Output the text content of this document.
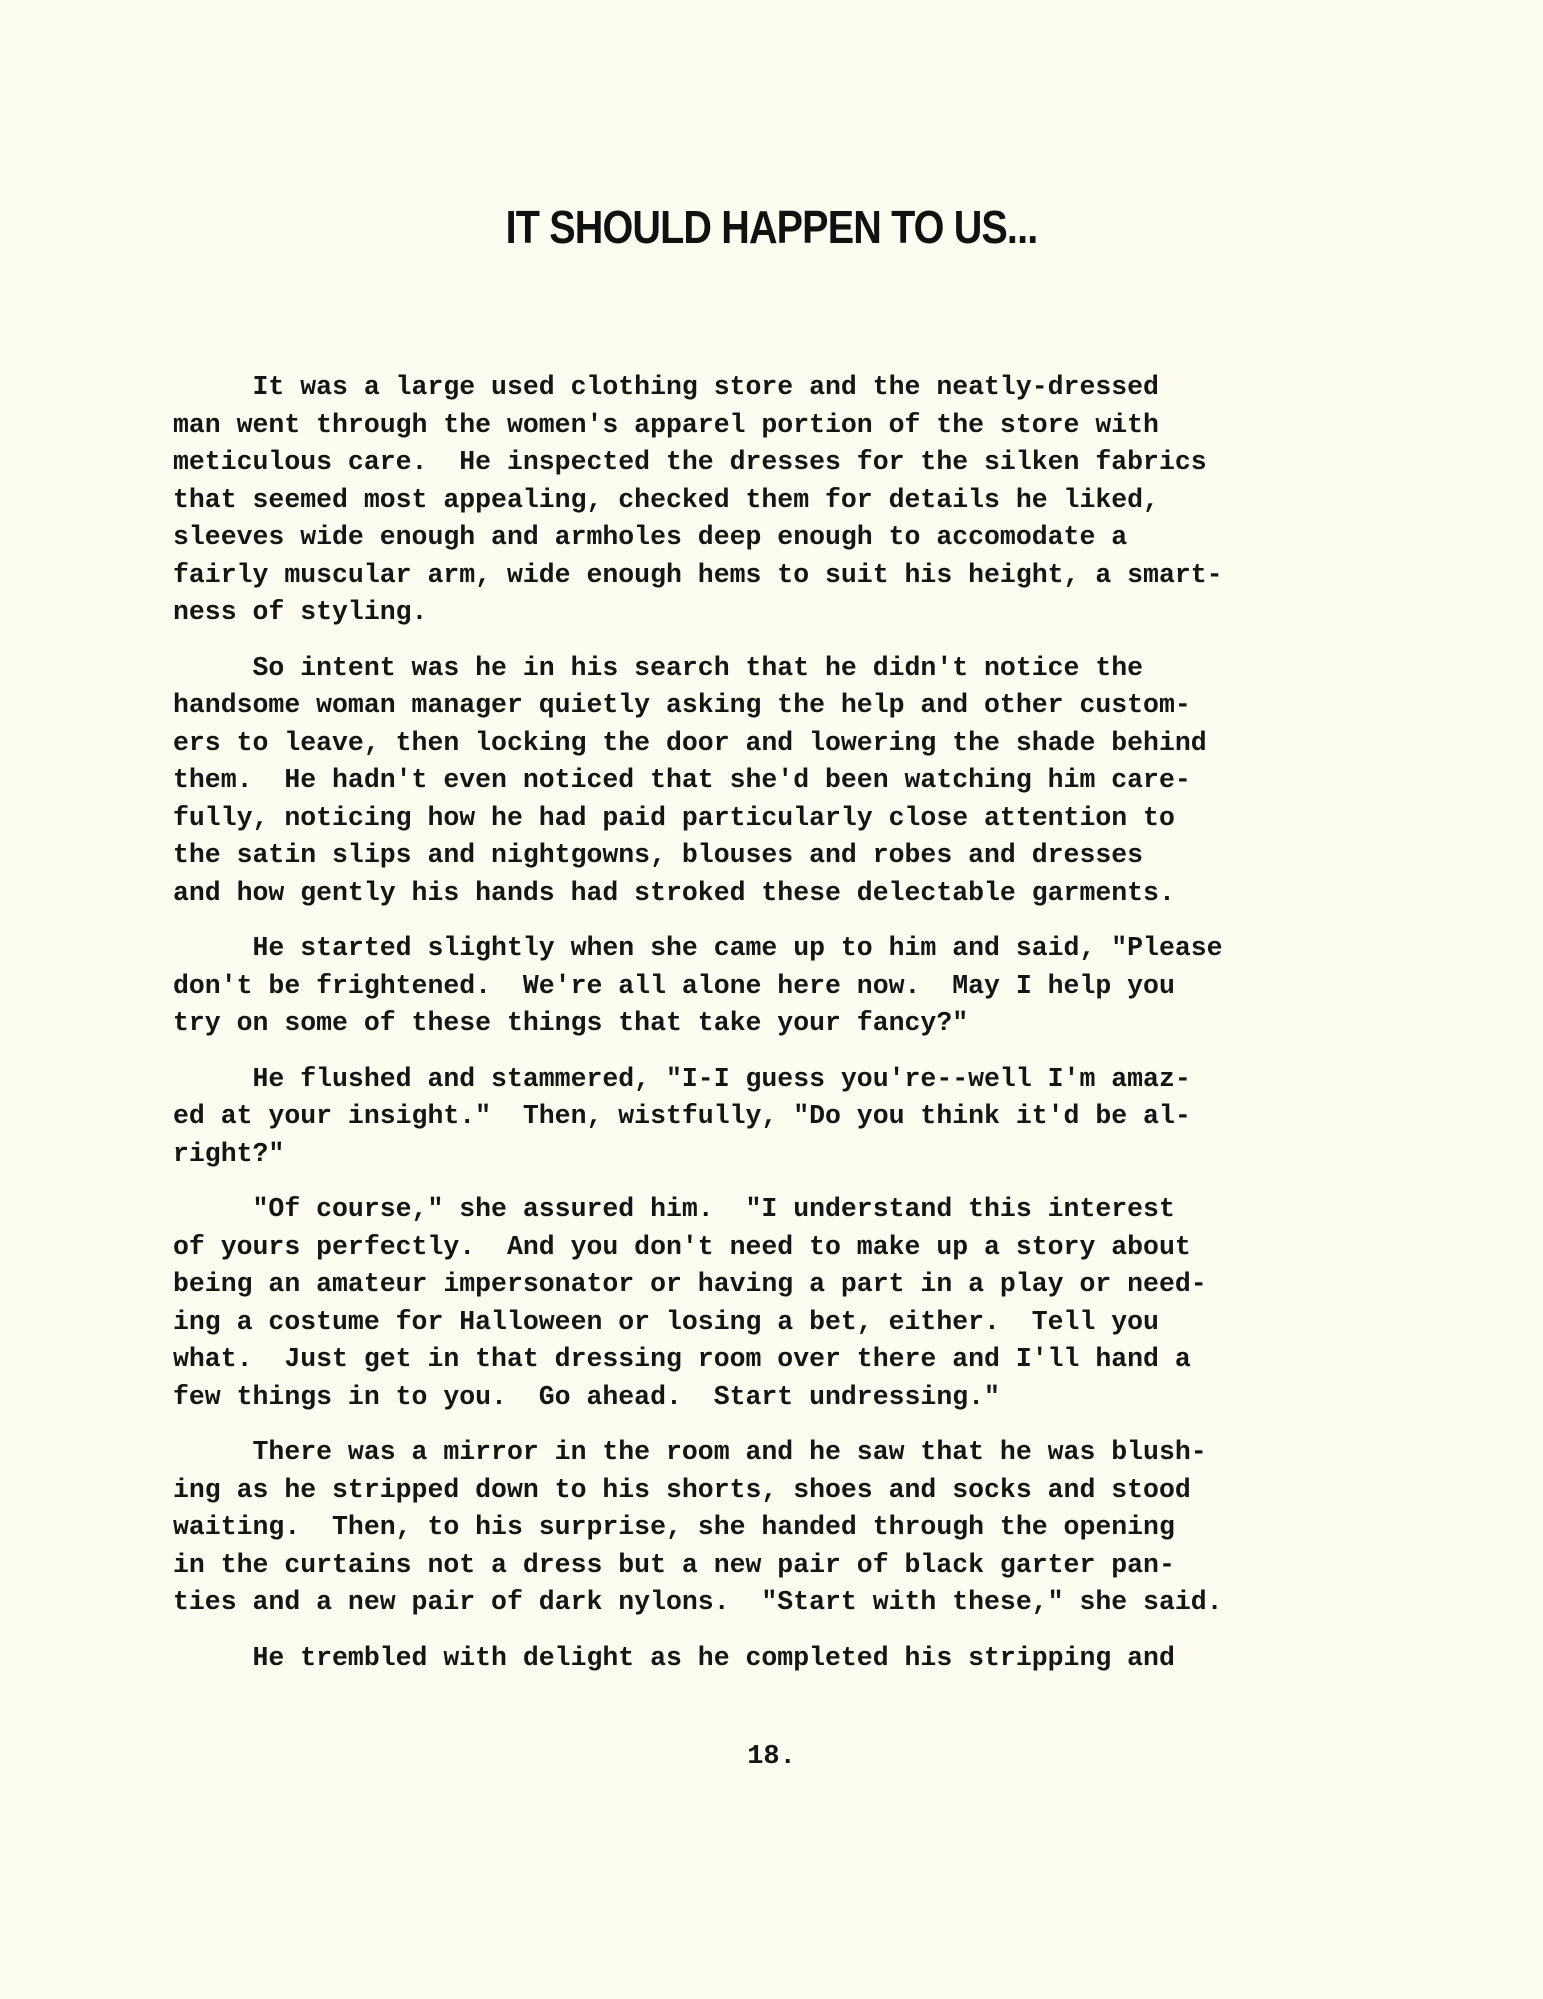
IT SHOULD HAPPEN TO US...
It was a large used clothing store and the neatly-dressed
man went through the women's apparel portion of the store with
meticulous care.  He inspected the dresses for the silken fabrics
that seemed most appealing, checked them for details he liked,
sleeves wide enough and armholes deep enough to accomodate a
fairly muscular arm, wide enough hems to suit his height, a smart-
ness of styling.
So intent was he in his search that he didn't notice the
handsome woman manager quietly asking the help and other custom-
ers to leave, then locking the door and lowering the shade behind
them.  He hadn't even noticed that she'd been watching him care-
fully, noticing how he had paid particularly close attention to
the satin slips and nightgowns, blouses and robes and dresses
and how gently his hands had stroked these delectable garments.
He started slightly when she came up to him and said, "Please
don't be frightened.  We're all alone here now.  May I help you
try on some of these things that take your fancy?"
He flushed and stammered, "I-I guess you're--well I'm amaz-
ed at your insight."  Then, wistfully, "Do you think it'd be al-
right?"
"Of course," she assured him.  "I understand this interest
of yours perfectly.  And you don't need to make up a story about
being an amateur impersonator or having a part in a play or need-
ing a costume for Halloween or losing a bet, either.  Tell you
what.  Just get in that dressing room over there and I'll hand a
few things in to you.  Go ahead.  Start undressing."
There was a mirror in the room and he saw that he was blush-
ing as he stripped down to his shorts, shoes and socks and stood
waiting.  Then, to his surprise, she handed through the opening
in the curtains not a dress but a new pair of black garter pan-
ties and a new pair of dark nylons.  "Start with these," she said.
He trembled with delight as he completed his stripping and
18.
